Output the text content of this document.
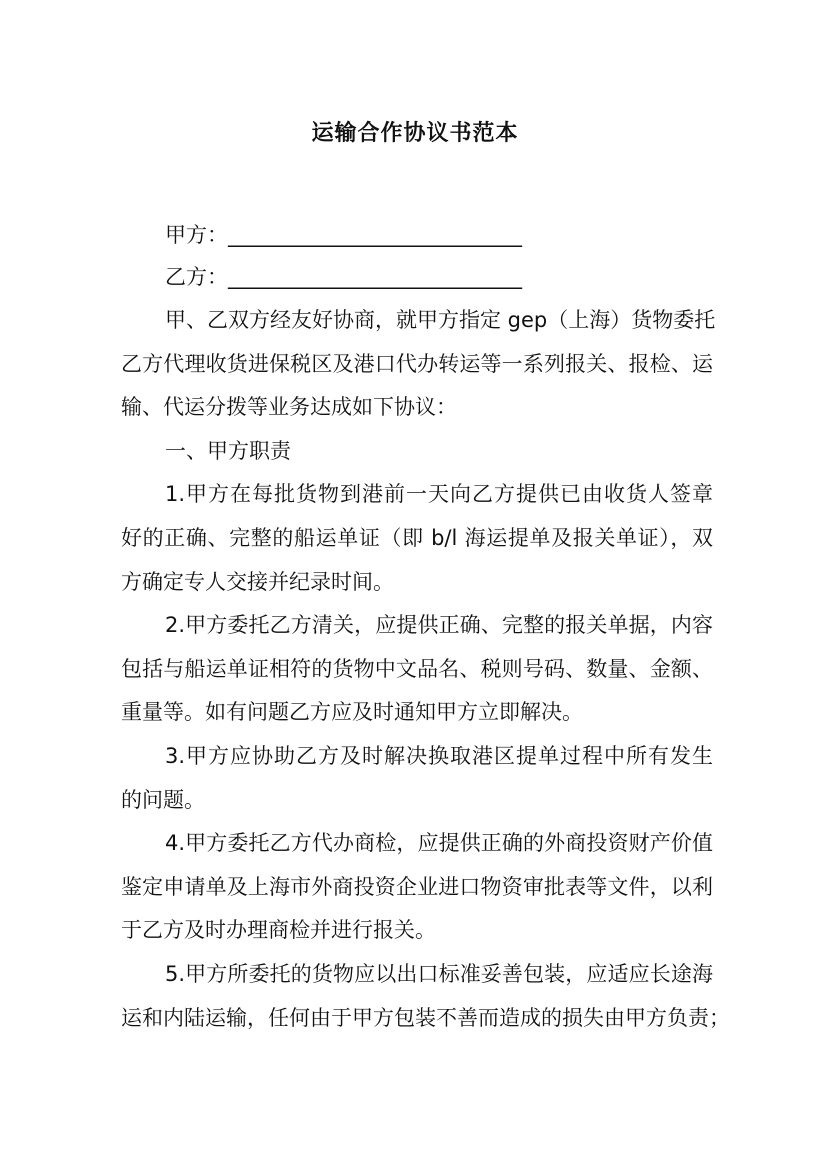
运输合作协议书范本
甲方：____________________________
乙方：____________________________
甲、乙双方经友好协商，就甲方指定 gep（上海）货物委托
乙方代理收货进保税区及港口代办转运等一系列报关、报检、运
输、代运分拨等业务达成如下协议：
一、甲方职责
1.甲方在每批货物到港前一天向乙方提供已由收货人签章
好的正确、完整的船运单证（即 b/l 海运提单及报关单证），双
方确定专人交接并纪录时间。
2.甲方委托乙方清关，应提供正确、完整的报关单据，内容
包括与船运单证相符的货物中文品名、税则号码、数量、金额、
重量等。如有问题乙方应及时通知甲方立即解决。
3.甲方应协助乙方及时解决换取港区提单过程中所有发生
的问题。
4.甲方委托乙方代办商检，应提供正确的外商投资财产价值
鉴定申请单及上海市外商投资企业进口物资审批表等文件，以利
于乙方及时办理商检并进行报关。
5.甲方所委托的货物应以出口标准妥善包装，应适应长途海
运和内陆运输，任何由于甲方包装不善而造成的损失由甲方负责；
